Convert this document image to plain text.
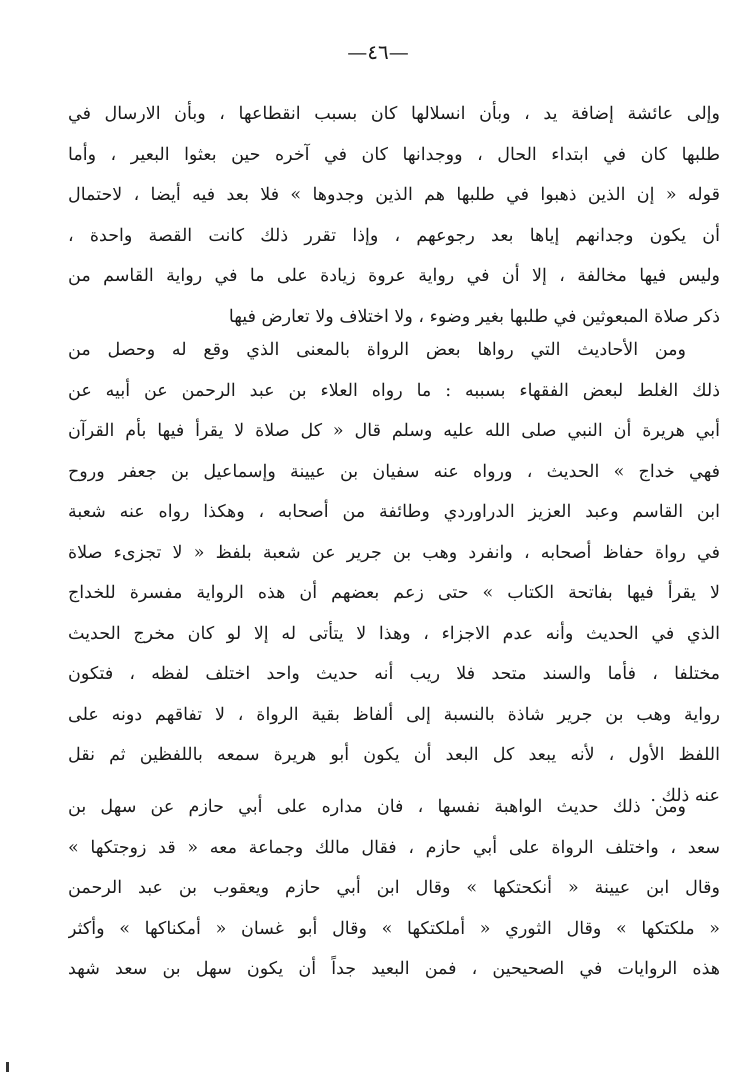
—٤٦—
وإلى عائشة إضافة يد ، وبأن انسلالها كان بسبب انقطاعها ، وبأن الارسال في
طلبها كان في ابتداء الحال ، ووجدانها كان في آخره حين بعثوا البعير ، وأما
قوله « إن الذين ذهبوا في طلبها هم الذين وجدوها » فلا بعد فيه أيضا ، لاحتمال
أن يكون وجدانهم إياها بعد رجوعهم ، وإذا تقرر ذلك كانت القصة واحدة ،
وليس فيها مخالفة ، إلا أن في رواية عروة زيادة على ما في رواية القاسم من
ذكر صلاة المبعوثين في طلبها بغير وضوء ، ولا اختلاف ولا تعارض فيها
ومن الأحاديث التي رواها بعض الرواة بالمعنى الذي وقع له وحصل من
ذلك الغلط لبعض الفقهاء بسببه : ما رواه العلاء بن عبد الرحمن عن أبيه عن
أبي هريرة أن النبي صلى الله عليه وسلم قال « كل صلاة لا يقرأ فيها بأم القرآن
فهي خداج » الحديث ، ورواه عنه سفيان بن عيينة وإسماعيل بن جعفر وروح
ابن القاسم وعبد العزيز الدراوردي وطائفة من أصحابه ، وهكذا رواه عنه شعبة
في رواة حفاظ أصحابه ، وانفرد وهب بن جرير عن شعبة بلفظ « لا تجزىء صلاة
لا يقرأ فيها بفاتحة الكتاب » حتى زعم بعضهم أن هذه الرواية مفسرة للخداج
الذي في الحديث وأنه عدم الاجزاء ، وهذا لا يتأتى له إلا لو كان مخرج الحديث
مختلفا ، فأما والسند متحد فلا ريب أنه حديث واحد اختلف لفظه ، فتكون
رواية وهب بن جرير شاذة بالنسبة إلى ألفاظ بقية الرواة ، لا تفاقهم دونه على
اللفظ الأول ، لأنه يبعد كل البعد أن يكون أبو هريرة سمعه باللفظين ثم نقل
عنه ذلك .
ومن ذلك حديث الواهبة نفسها ، فان مداره على أبي حازم عن سهل بن
سعد ، واختلف الرواة على أبي حازم ، فقال مالك وجماعة معه « قد زوجتكها »
وقال ابن عيينة « أنكحتكها » وقال ابن أبي حازم ويعقوب بن عبد الرحمن
« ملكتكها » وقال الثوري « أملكتكها » وقال أبو غسان « أمكناكها » وأكثر
هذه الروايات في الصحيحين ، فمن البعيد جداً أن يكون سهل بن سعد شهد
